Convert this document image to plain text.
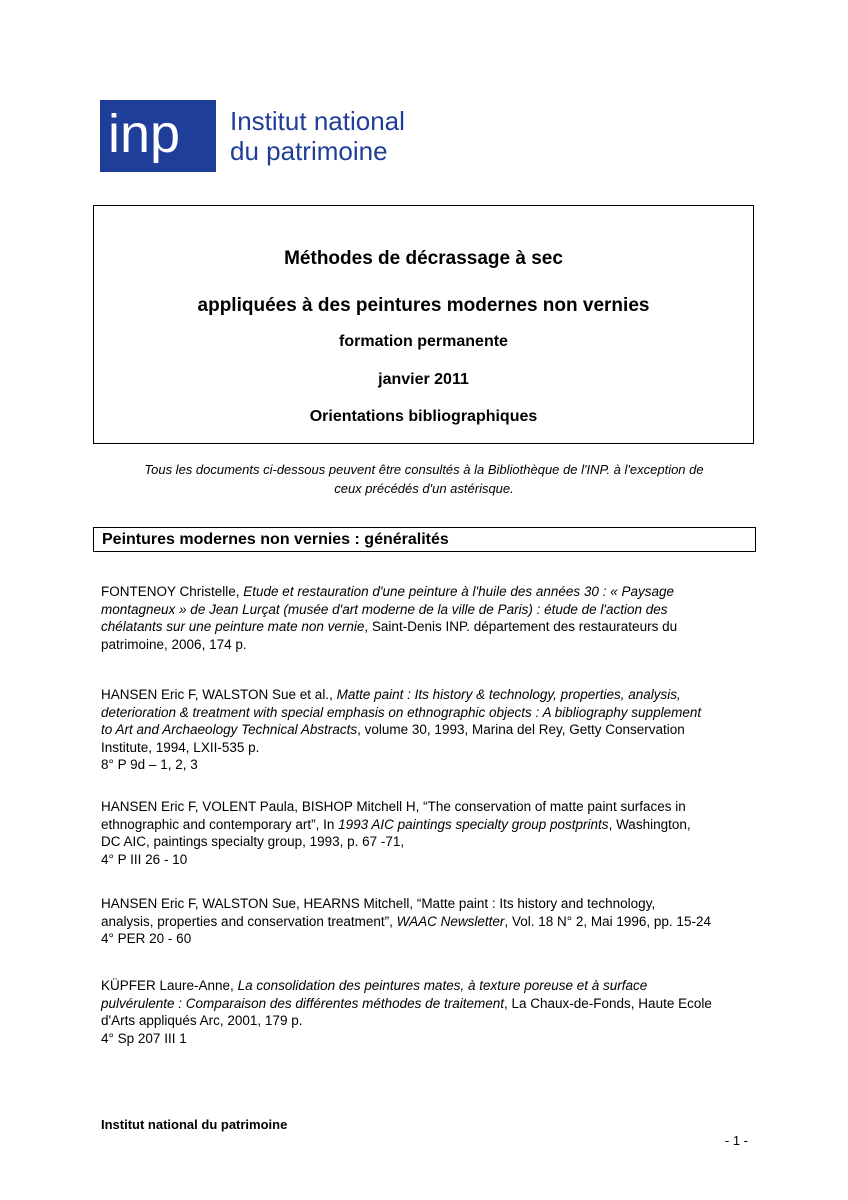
inp Institut national
du patrimoine
Méthodes de décrassage à sec
appliquées à des peintures modernes non vernies
formation permanente
janvier 2011
Orientations bibliographiques
Tous les documents ci-dessous peuvent être consultés à la Bibliothèque de l'INP. à l'exception de
ceux précédés d'un astérisque.
Peintures modernes non vernies : généralités
FONTENOY Christelle, Etude et restauration d'une peinture à l'huile des années 30 : « Paysage
montagneux » de Jean Lurçat (musée d'art moderne de la ville de Paris) : étude de l'action des
chélatants sur une peinture mate non vernie, Saint-Denis INP. département des restaurateurs du
patrimoine, 2006, 174 p.
HANSEN Eric F, WALSTON Sue et al., Matte paint : Its history & technology, properties, analysis,
deterioration & treatment with special emphasis on ethnographic objects : A bibliography supplement
to Art and Archaeology Technical Abstracts, volume 30, 1993, Marina del Rey, Getty Conservation
Institute, 1994, LXII-535 p.
8° P 9d – 1, 2, 3
HANSEN Eric F, VOLENT Paula, BISHOP Mitchell H, “The conservation of matte paint surfaces in
ethnographic and contemporary art”, In 1993 AIC paintings specialty group postprints, Washington,
DC AIC, paintings specialty group, 1993, p. 67 -71,
4° P III 26 - 10
HANSEN Eric F, WALSTON Sue, HEARNS Mitchell, “Matte paint : Its history and technology,
analysis, properties and conservation treatment”, WAAC Newsletter, Vol. 18 N° 2, Mai 1996, pp. 15-24
4° PER 20 - 60
KÜPFER Laure-Anne, La consolidation des peintures mates, à texture poreuse et à surface
pulvérulente : Comparaison des différentes méthodes de traitement, La Chaux-de-Fonds, Haute Ecole
d'Arts appliqués Arc, 2001, 179 p.
4° Sp 207 III 1
Institut national du patrimoine
- 1 -
